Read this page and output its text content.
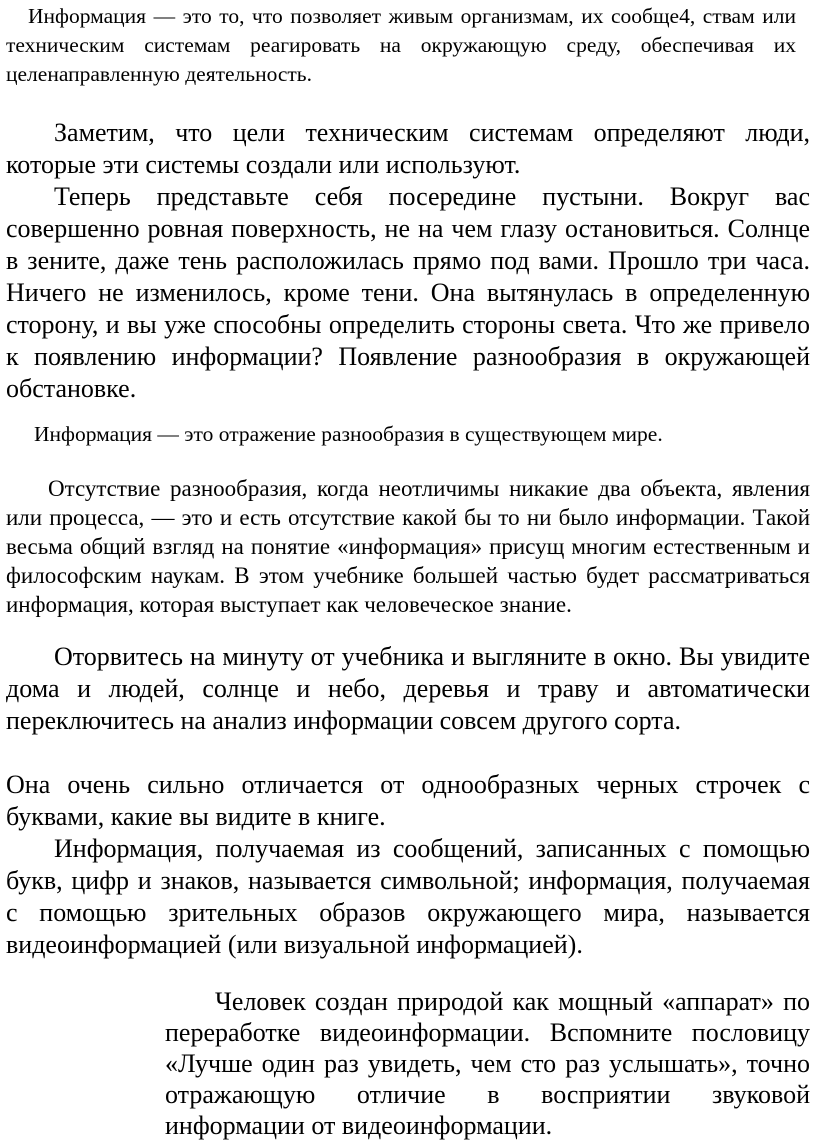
Информация — это то, что позволяет живым организмам, их сообще4, ствам или техническим системам реагировать на окружающую среду, обеспечивая их целенаправленную деятельность.

Заметим, что цели техническим системам определяют люди, которые эти системы создали или используют.

Теперь представьте себя посередине пустыни. Вокруг вас совершенно ровная поверхность, не на чем глазу остановиться. Солнце в зените, даже тень расположилась прямо под вами. Прошло три часа. Ничего не изменилось, кроме тени. Она вытянулась в определенную сторону, и вы уже способны определить стороны света. Что же привело к появлению информации? Появление разнообразия в окружающей обстановке.

Информация — это отражение разнообразия в существующем мире.

Отсутствие разнообразия, когда неотличимы никакие два объекта, явления или процесса, — это и есть отсутствие какой бы то ни было информации. Такой весьма общий взгляд на понятие «информация» присущ многим естественным и философским наукам. В этом учебнике большей частью будет рассматриваться информация, которая выступает как человеческое знание.

Оторвитесь на минуту от учебника и выгляните в окно. Вы увидите дома и людей, солнце и небо, деревья и траву и автоматически переключитесь на анализ информации совсем другого сорта.

Она очень сильно отличается от однообразных черных строчек с буквами, какие вы видите в книге.

Информация, получаемая из сообщений, записанных с помощью букв, цифр и знаков, называется символьной; информация, получаемая с помощью зрительных образов окружающего мира, называется видеоинформацией (или визуальной информацией).

Человек создан природой как мощный «аппарат» по переработке видеоинформации. Вспомните пословицу «Лучше один раз увидеть, чем сто раз услышать», точно отражающую отличие в восприятии звуковой информации от видеоинформации.
